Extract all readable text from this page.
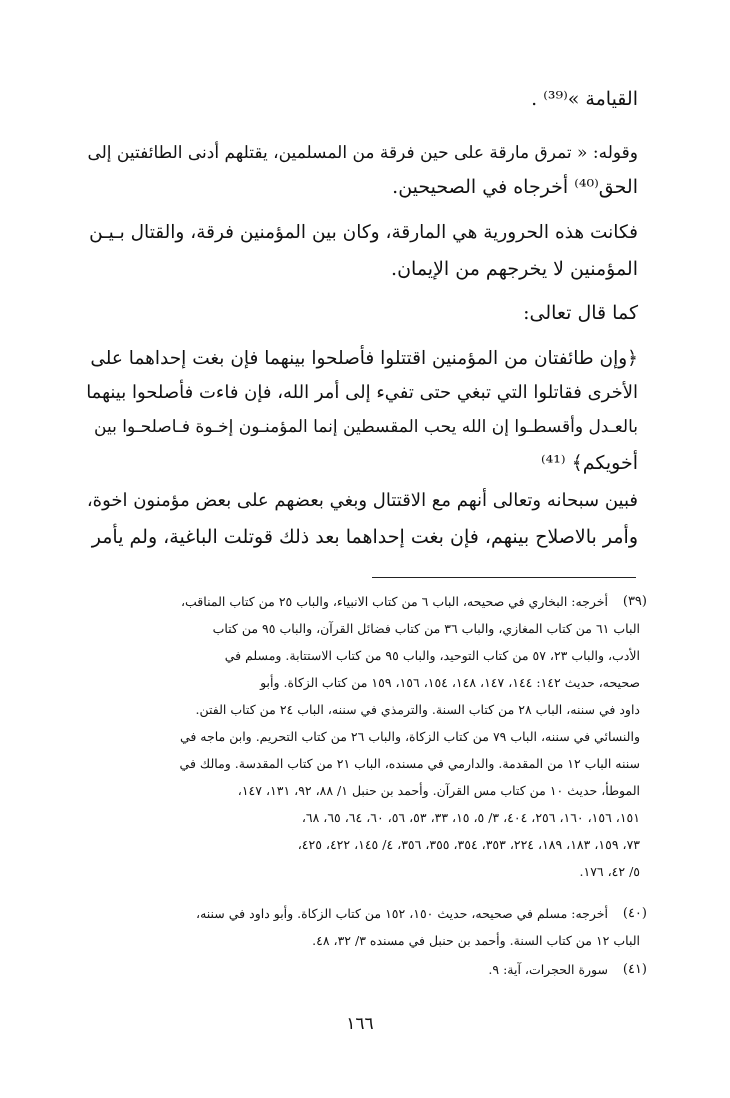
القيامة »⁽³⁹⁾ .
وقوله: « تمرق مارقة على حين فرقة من المسلمين، يقتلهم أدنى الطائفتين إلى
الحق⁽⁴⁰⁾ أخرجاه في الصحيحين.
فكانت هذه الحرورية هي المارقة، وكان بين المؤمنين فرقة، والقتال بـيـن
المؤمنين لا يخرجهم من الإيمان.
كما قال تعالى:
﴿وإن طائفتان من المؤمنين اقتتلوا فأصلحوا بينهما فإن بغت إحداهما على
الأخرى فقاتلوا التي تبغي حتى تفيء إلى أمر الله، فإن فاءت فأصلحوا بينهما
بالعـدل وأقسطـوا إن الله يحب المقسطين إنما المؤمنـون إخـوة فـاصلحـوا بين
أخويكم﴾ ⁽⁴¹⁾
فبين سبحانه وتعالى أنهم مع الاقتتال وبغي بعضهم على بعض مؤمنون اخوة،
وأمر بالاصلاح بينهم، فإن بغت إحداهما بعد ذلك قوتلت الباغية، ولم يأمر
(٣٩)
أخرجه: البخاري في صحيحه، الباب ٦ من كتاب الانبياء، والباب ٢٥ من كتاب المناقب،
الباب ٦١ من كتاب المغازي، والباب ٣٦ من كتاب فضائل القرآن، والباب ٩٥ من كتاب
الأدب، والباب ٢٣، ٥٧ من كتاب التوحيد، والباب ٩٥ من كتاب الاستتابة. ومسلم في
صحيحه، حديث ١٤٢: ١٤٤، ١٤٧، ١٤٨، ١٥٤، ١٥٦، ١٥٩ من كتاب الزكاة. وأبو
داود في سننه، الباب ٢٨ من كتاب السنة. والترمذي في سننه، الباب ٢٤ من كتاب الفتن.
والنسائي في سننه، الباب ٧٩ من كتاب الزكاة، والباب ٢٦ من كتاب التحريم. وابن ماجه في
سننه الباب ١٢ من المقدمة. والدارمي في مسنده، الباب ٢١ من كتاب المقدسة. ومالك في
الموطأ، حديث ١٠ من كتاب مس القرآن. وأحمد بن حنبل ١/ ٨٨، ٩٢، ١٣١، ١٤٧،
١٥١، ١٥٦، ١٦٠، ٢٥٦، ٤٠٤، ٣/ ٥، ١٥، ٣٣، ٥٣، ٥٦، ٦٠، ٦٤، ٦٥، ٦٨،
٧٣، ١٥٩، ١٨٣، ١٨٩، ٢٢٤، ٣٥٣، ٣٥٤، ٣٥٥، ٣٥٦، ٤/ ١٤٥، ٤٢٢، ٤٢٥،
٥/ ٤٢، ١٧٦.
(٤٠)
أخرجه: مسلم في صحيحه، حديث ١٥٠، ١٥٢ من كتاب الزكاة. وأبو داود في سننه،
الباب ١٢ من كتاب السنة. وأحمد بن حنبل في مسنده ٣/ ٣٢، ٤٨.
(٤١)
سورة الحجرات، آية: ٩.
١٦٦
